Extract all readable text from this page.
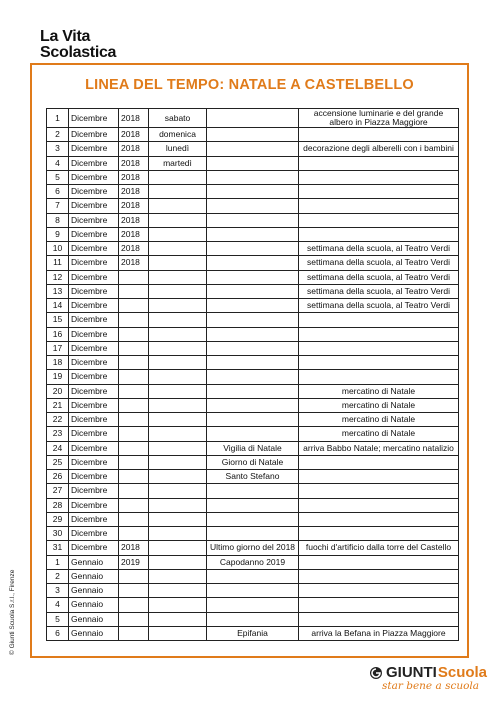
La Vita
Scolastica
LINEA DEL TEMPO: NATALE A CASTELBELLO
1	Dicembre	2018	sabato		accensione luminarie e del grande albero in Piazza Maggiore
2	Dicembre	2018	domenica		
3	Dicembre	2018	lunedì		decorazione degli alberelli con i bambini
4	Dicembre	2018	martedì		
5	Dicembre	2018			
6	Dicembre	2018			
7	Dicembre	2018			
8	Dicembre	2018			
9	Dicembre	2018			
10	Dicembre	2018			settimana della scuola, al Teatro Verdi
11	Dicembre	2018			settimana della scuola, al Teatro Verdi
12	Dicembre				settimana della scuola, al Teatro Verdi
13	Dicembre				settimana della scuola, al Teatro Verdi
14	Dicembre				settimana della scuola, al Teatro Verdi
15	Dicembre				
16	Dicembre				
17	Dicembre				
18	Dicembre				
19	Dicembre				
20	Dicembre				mercatino di Natale
21	Dicembre				mercatino di Natale
22	Dicembre				mercatino di Natale
23	Dicembre				mercatino di Natale
24	Dicembre			Vigilia di Natale	arriva Babbo Natale; mercatino natalizio
25	Dicembre			Giorno di Natale	
26	Dicembre			Santo Stefano	
27	Dicembre				
28	Dicembre				
29	Dicembre				
30	Dicembre				
31	Dicembre	2018		Ultimo giorno del 2018	fuochi d'artificio dalla torre del Castello
1	Gennaio	2019		Capodanno 2019	
2	Gennaio				
3	Gennaio				
4	Gennaio				
5	Gennaio				
6	Gennaio			Epifania	arriva la Befana in Piazza Maggiore
© Giunti Scuola S.r.l., Firenze
GIUNTI Scuola
star bene a scuola
